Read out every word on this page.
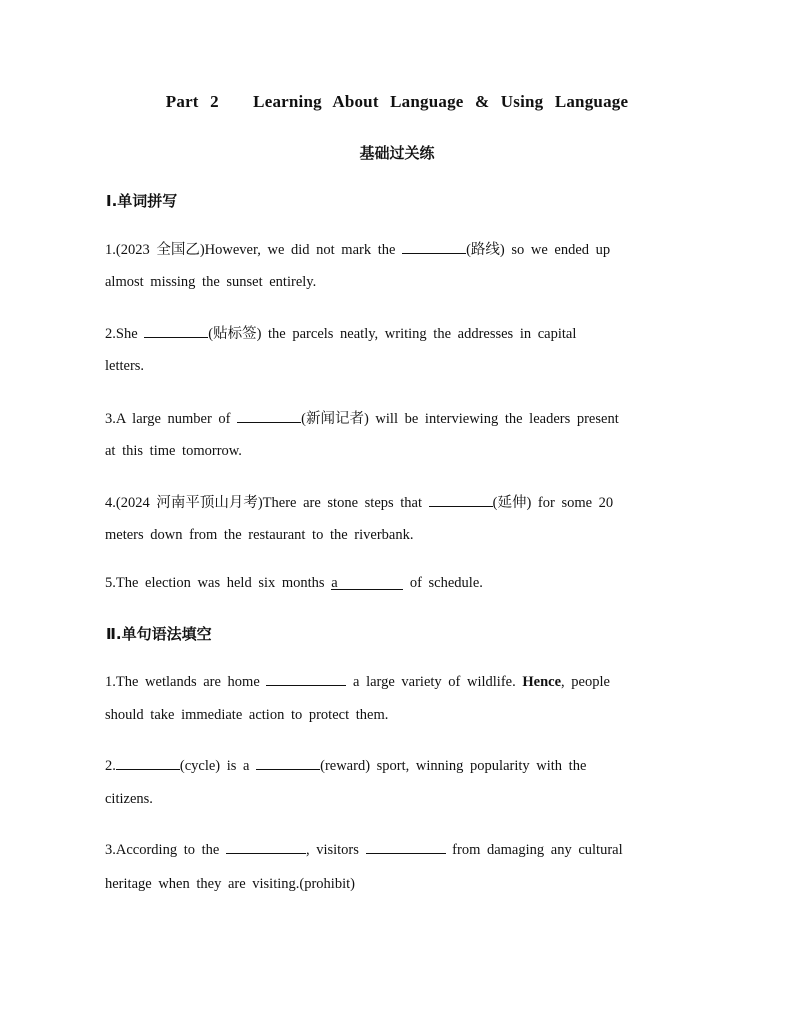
Part 2   Learning About Language & Using Language
基础过关练
Ⅰ.单词拼写
1.(2023 全国乙)However, we did not mark the	(路线) so we ended up
almost missing the sunset entirely.
2.She	(贴标签) the parcels neatly, writing the addresses in capital
letters.
3.A large number of	(新闻记者) will be interviewing the leaders present
at this time tomorrow.
4.(2024 河南平顶山月考)There are stone steps that	(延伸) for some 20
meters down from the restaurant to the riverbank.
5.The election was held six months a	of schedule.
Ⅱ.单句语法填空
1.The wetlands are home	a large variety of wildlife. Hence, people
should take immediate action to protect them.
2.	(cycle) is a	(reward) sport, winning popularity with the
citizens.
3.According to the	, visitors	from damaging any cultural
heritage when they are visiting.(prohibit)
